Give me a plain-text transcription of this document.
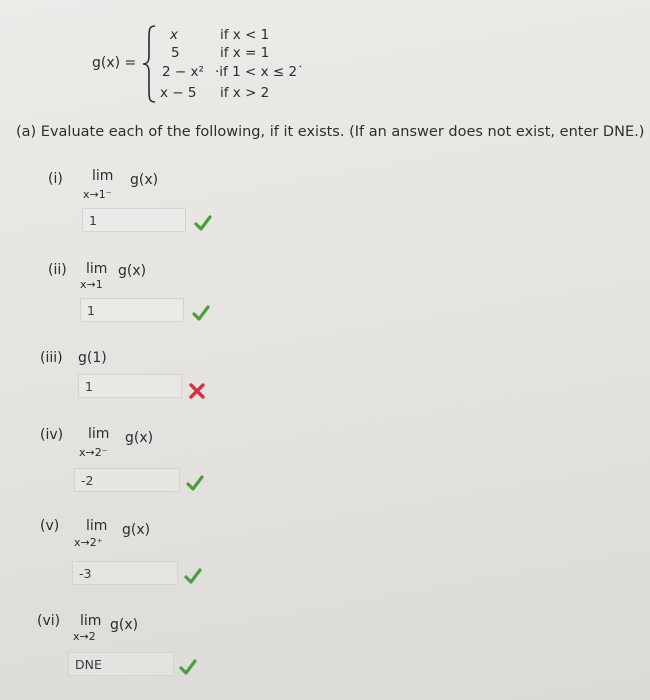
g(x) =
x	if x < 1
5	if x = 1
2 − x² ·if 1 < x ≤ 2˙
x − 5 if x > 2
(a) Evaluate each of the following, if it exists. (If an answer does not exist, enter DNE.)
(i) lim
x→1⁻
g(x)
1
(ii) lim
x→1
g(x)
1
(iii) g(1)
1
(iv) lim
x→2⁻
g(x)
-2
(v) lim
x→2⁺
g(x)
-3
(vi) lim
x→2
g(x)
DNE
